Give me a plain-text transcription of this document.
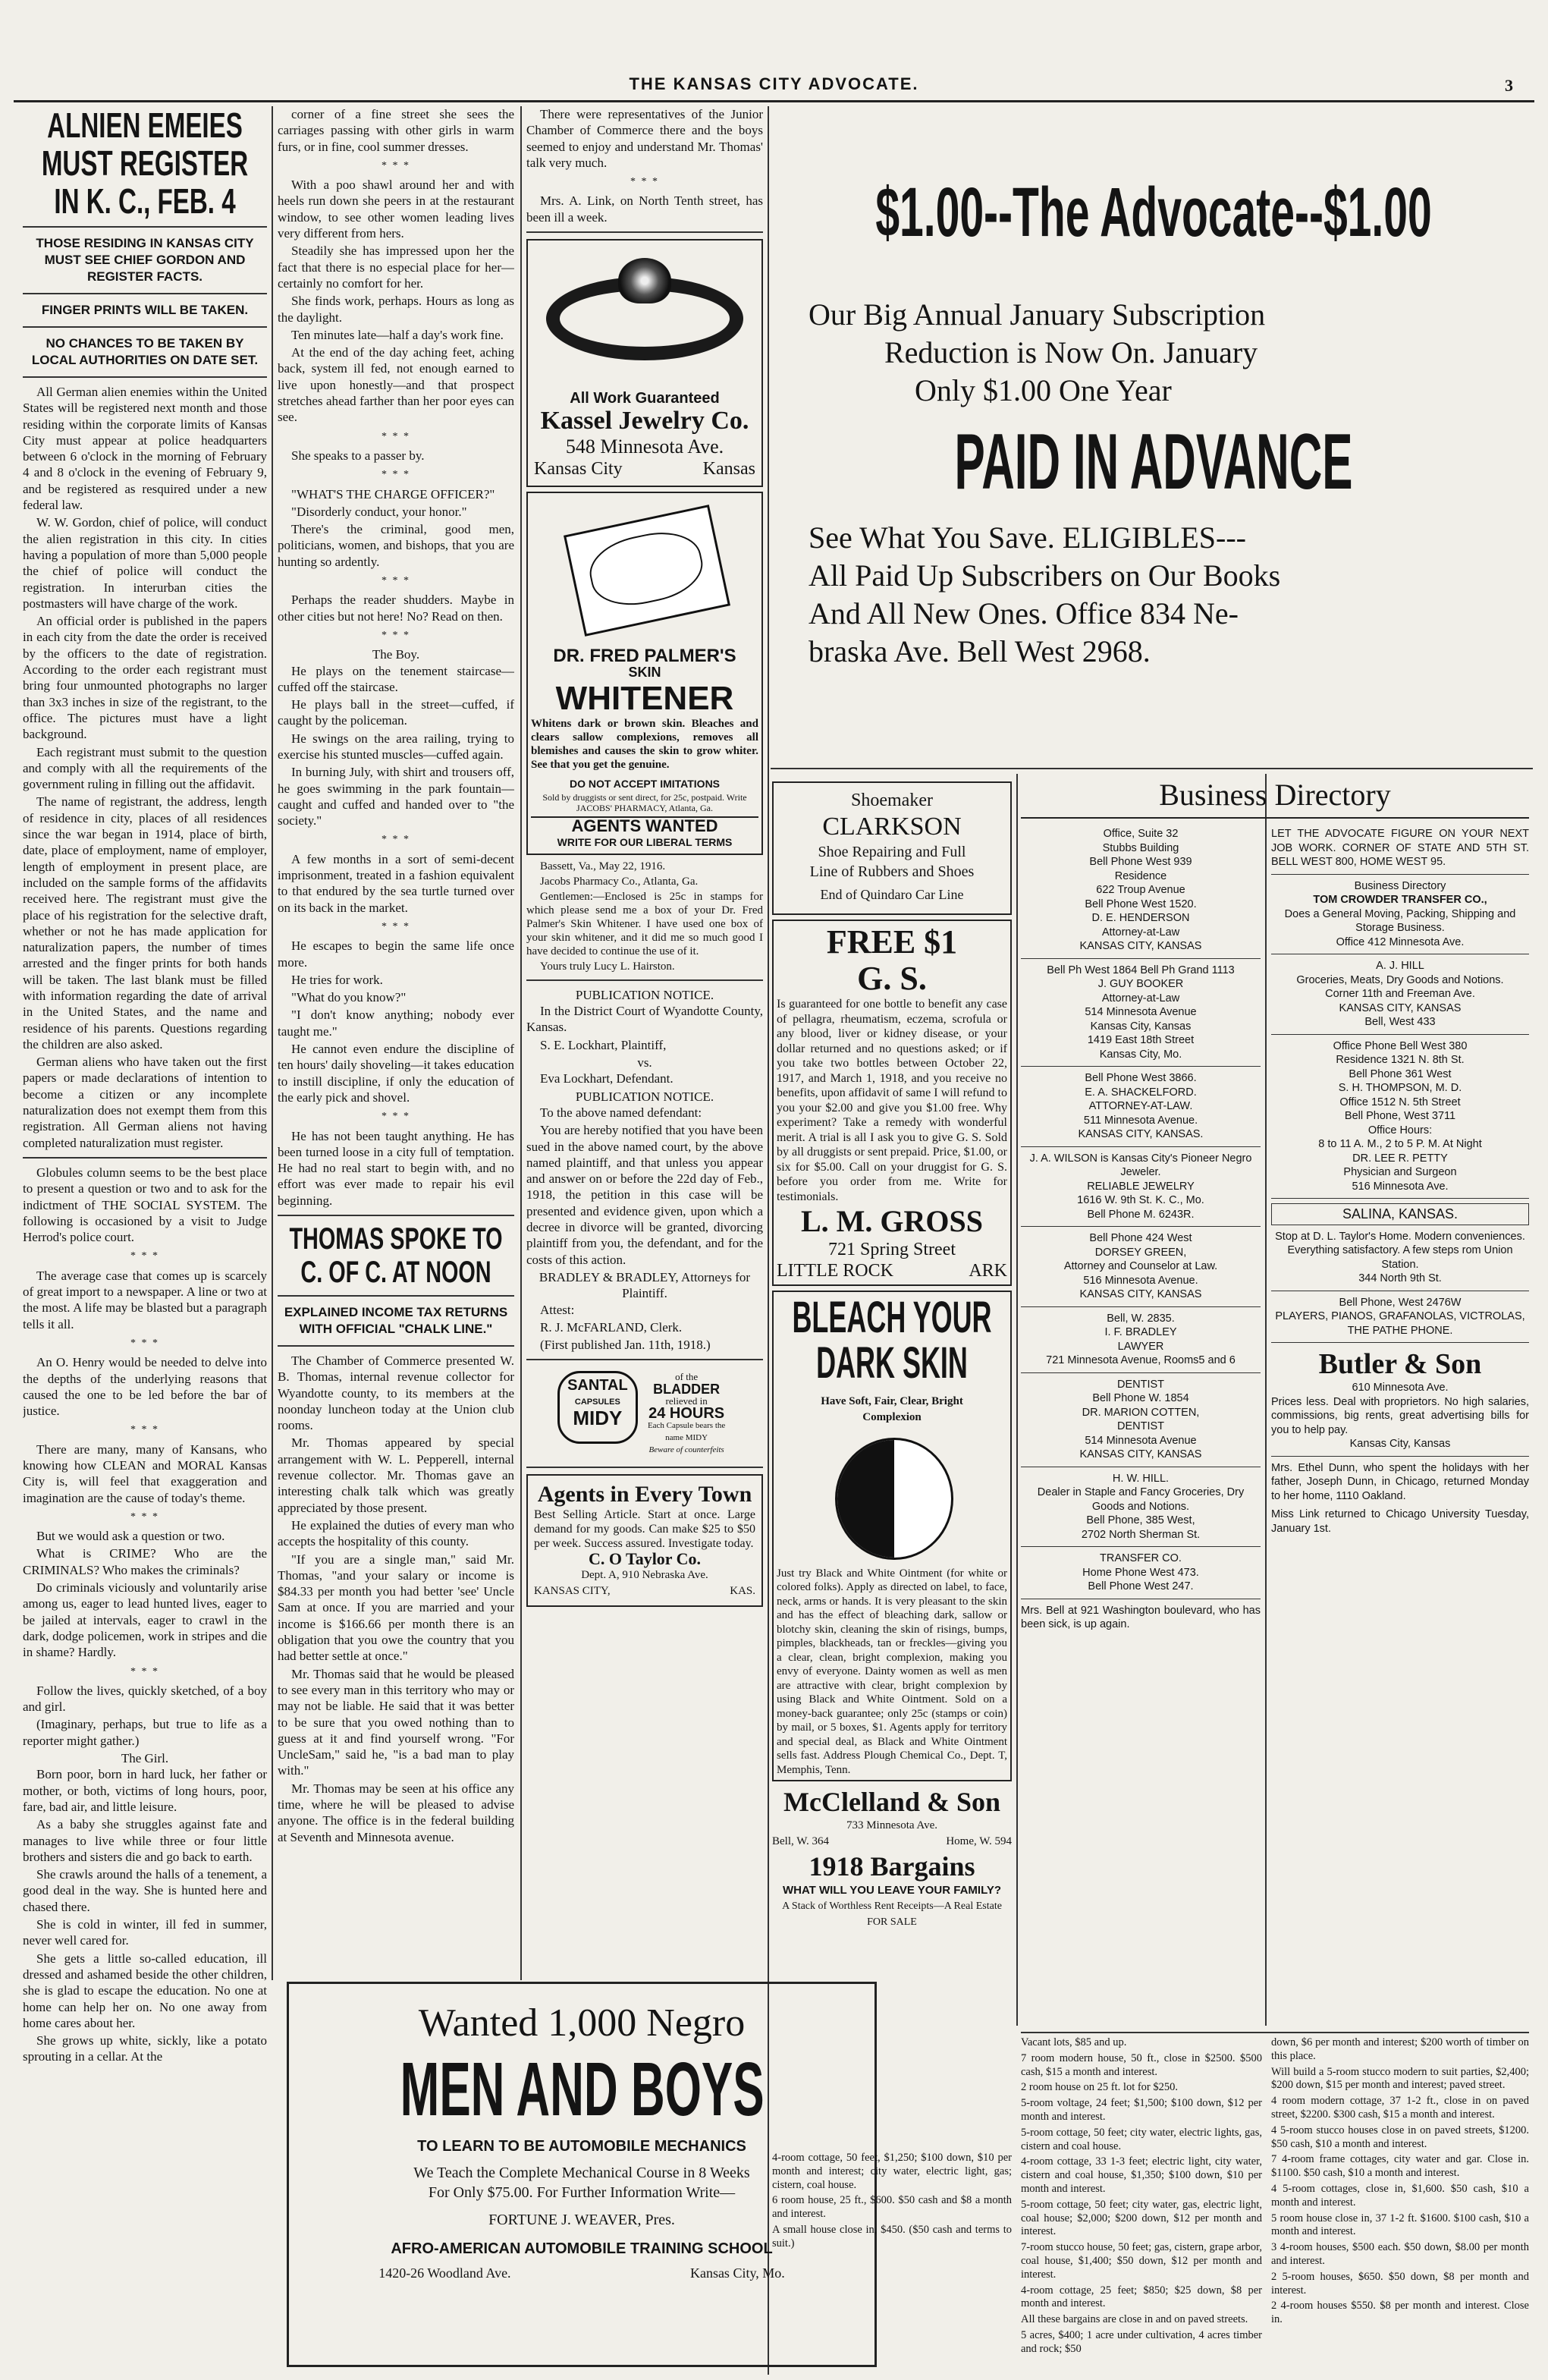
THE KANSAS CITY ADVOCATE.	3
ALNIEN EMEIES MUST REGISTER IN K. C., FEB. 4
THOSE RESIDING IN KANSAS CITY MUST SEE CHIEF GORDON AND REGISTER FACTS.
FINGER PRINTS WILL BE TAKEN.
NO CHANCES TO BE TAKEN BY LOCAL AUTHORITIES ON DATE SET.

All German alien enemies within the United States will be registered next month and those residing within the corporate limits of Kansas City must appear at police headquarters between 6 o'clock in the morning of February 4 and 8 o'clock in the evening of February 9, and be registered as resquired under a new federal law.

W. W. Gordon, chief of police, will conduct the alien registration in this city. In cities having a population of more than 5,000 people the chief of police will conduct the registration. In interurban cities the postmasters will have charge of the work.

An official order is published in the papers in each city from the date the order is received by the officers to the date of registration. According to the order each registrant must bring four unmounted photographs no larger than 3x3 inches in size of the registrant, to the office. The pictures must have a light background.

Each registrant must submit to the question and comply with all the requirements of the government ruling in filling out the affidavit.

The name of registrant, the address, length of residence in city, places of all residences since the war began in 1914, place of birth, date, place of employment, name of employer, length of employment in present place, are included on the sample forms of the affidavits received here. The registrant must give the place of his registration for the selective draft, whether or not he has made application for naturalization papers, the number of times arrested and the finger prints for both hands will be taken. The last blank must be filled with information regarding the date of arrival in the United States, and the name and residence of his parents. Questions regarding the children are also asked.

German aliens who have taken out the first papers or made declarations of intention to become a citizen or any incomplete naturalization does not exempt them from this registration. All German aliens not having completed naturalization must register.

Globules column seems to be the best place to present a question or two and to ask for the indictment of THE SOCIAL SYSTEM. The following is occasioned by a visit to Judge Herrod's police court.

* * *

The average case that comes up is scarcely of great import to a newspaper. A line or two at the most. A life may be blasted but a paragraph tells it all.

* * *

An O. Henry would be needed to delve into the depths of the underlying reasons that caused the one to be led before the bar of justice.

* * *

There are many, many of Kansans, who knowing how CLEAN and MORAL Kansas City is, will feel that exaggeration and imagination are the cause of today's theme.

* * *

But we would ask a question or two.

What is CRIME? Who are the CRIMINALS? Who makes the criminals?

Do criminals viciously and voluntarily arise among us, eager to lead hunted lives, eager to be jailed at intervals, eager to crawl in the dark, dodge policemen, work in stripes and die in shame? Hardly.

* * *

Follow the lives, quickly sketched, of a boy and girl.

(Imaginary, perhaps, but true to life as a reporter might gather.)

The Girl.

Born poor, born in hard luck, her father or mother, or both, victims of long hours, poor, fare, bad air, and little leisure.

As a baby she struggles against fate and manages to live while three or four little brothers and sisters die and go back to earth.

She crawls around the halls of a tenement, a good deal in the way. She is hunted here and chased there.

She is cold in winter, ill fed in summer, never well cared for.

She gets a little so-called education, ill dressed and ashamed beside the other children, she is glad to escape the education. No one at home can help her on. No one away from home cares about her.

She grows up white, sickly, like a potato sprouting in a cellar. At the

corner of a fine street she sees the carriages passing with other girls in warm furs, or in fine, cool summer dresses.

* * *

With a poo shawl around her and with heels run down she peers in at the restaurant window, to see other women leading lives very different from hers.

Steadily she has impressed upon her the fact that there is no especial place for her—certainly no comfort for her.

She finds work, perhaps. Hours as long as the daylight.

Ten minutes late—half a day's work fine.

At the end of the day aching feet, aching back, system ill fed, not enough earned to live upon honestly—and that prospect stretches ahead farther than her poor eyes can see.

* * *

She speaks to a passer by.

* * *

"WHAT'S THE CHARGE OFFICER?"

"Disorderly conduct, your honor."

There's the criminal, good men, politicians, women, and bishops, that you are hunting so ardently.

* * *

Perhaps the reader shudders. Maybe in other cities but not here! No? Read on then.

* * *
The Boy.

He plays on the tenement staircase—cuffed off the staircase.

He plays ball in the street—cuffed, if caught by the policeman.

He swings on the area railing, trying to exercise his stunted muscles—cuffed again.

In burning July, with shirt and trousers off, he goes swimming in the park fountain—caught and cuffed and handed over to "the society."

* * *

A few months in a sort of semi-decent imprisonment, treated in a fashion equivalent to that endured by the sea turtle turned over on its back in the market.

* * *

He escapes to begin the same life once more.

He tries for work.

"What do you know?"

"I don't know anything; nobody ever taught me."

He cannot even endure the discipline of ten hours' daily shoveling—it takes education to instill discipline, if only the education of the early pick and shovel.

* * *

He has not been taught anything. He has been turned loose in a city full of temptation. He had no real start to begin with, and no effort was ever made to repair his evil beginning.

THOMAS SPOKE TO C. OF C. AT NOON
EXPLAINED INCOME TAX RETURNS WITH OFFICIAL "CHALK LINE."

The Chamber of Commerce presented W. B. Thomas, internal revenue collector for Wyandotte county, to its members at the noonday luncheon today at the Union club rooms.

Mr. Thomas appeared by special arrangement with W. L. Pepperell, internal revenue collector. Mr. Thomas gave an interesting chalk talk which was greatly appreciated by those present.

He explained the duties of every man who accepts the hospitality of this county.

"If you are a single man," said Mr. Thomas, "and your salary or income is $84.33 per month you had better 'see' Uncle Sam at once. If you are married and your income is $166.66 per month there is an obligation that you owe the country that you had better settle at once."

Mr. Thomas said that he would be pleased to see every man in this territory who may or may not be liable. He said that it was better to be sure that you owed nothing than to guess at it and find yourself wrong. "For UncleSam," said he, "is a bad man to play with."

Mr. Thomas may be seen at his office any time, where he will be pleased to advise anyone. The office is in the federal building at Seventh and Minnesota avenue.

There were representatives of the Junior Chamber of Commerce there and the boys seemed to enjoy and understand Mr. Thomas' talk very much.

* * *

Mrs. A. Link, on North Tenth street, has been ill a week.

All Work Guaranteed
Kassel Jewelry Co.
548 Minnesota Ave.
Kansas City	Kansas
DR. FRED PALMER'S
SKIN
WHITENER
Whitens dark or brown skin. Bleaches and clears sallow complexions, removes all blemishes and causes the skin to grow whiter. See that you get the genuine.
DO NOT ACCEPT IMITATIONS
Sold by druggists or sent direct, for 25c, postpaid. Write JACOBS' PHARMACY, Atlanta, Ga.
AGENTS WANTED
WRITE FOR OUR LIBERAL TERMS

Bassett, Va., May 22, 1916.

Jacobs Pharmacy Co., Atlanta, Ga.

Gentlemen:—Enclosed is 25c in stamps for which please send me a box of your Dr. Fred Palmer's Skin Whitener. I have used one box of your skin whitener, and it did me so much good I have decided to continue the use of it.

Yours truly Lucy L. Hairston.

PUBLICATION NOTICE.

In the District Court of Wyandotte County, Kansas.

S. E. Lockhart, Plaintiff,

vs.

Eva Lockhart, Defendant.

PUBLICATION NOTICE.

To the above named defendant:

You are hereby notified that you have been sued in the above named court, by the above named plaintiff, and that unless you appear and answer on or before the 22d day of Feb., 1918, the petition in this case will be presented and evidence given, upon which a decree in divorce will be granted, divorcing plaintiff from you, the defendant, and for the costs of this action.

BRADLEY & BRADLEY, Attorneys for Plaintiff.

Attest:

R. J. McFARLAND, Clerk.

(First published Jan. 11th, 1918.)

SANTAL
CAPSULES
MIDY

of the
BLADDER
relieved in
24 HOURS
Each Capsule bears the name MIDY
Beware of counterfeits
Agents in Every Town
Best Selling Article. Start at once. Large demand for my goods. Can make $25 to $50 per week. Success assured. Investigate today.
C. O Taylor Co.
Dept. A, 910 Nebraska Ave.
KANSAS CITY,	KAS.
Wanted 1,000 Negro
MEN AND BOYS
TO LEARN TO BE AUTOMOBILE MECHANICS
We Teach the Complete Mechanical Course in 8 Weeks
For Only $75.00. For Further Information Write—
FORTUNE J. WEAVER, Pres.
AFRO-AMERICAN AUTOMOBILE TRAINING SCHOOL
1420-26 Woodland Ave.	Kansas City, Mo.
$1.00--The Advocate--$1.00
Our Big Annual January Subscription
Reduction is Now On. January
Only $1.00 One Year
PAID IN ADVANCE
See What You Save. ELIGIBLES---
All Paid Up Subscribers on Our Books
And All New Ones. Office 834 Ne-
braska Ave. Bell West 2968.
Shoemaker
CLARKSON
Shoe Repairing and Full
Line of Rubbers and Shoes
End of Quindaro Car Line
FREE $1
G. S.
Is guaranteed for one bottle to benefit any case of pellagra, rheumatism, eczema, scrofula or any blood, liver or kidney disease, or your dollar returned and no questions asked; or if you take two bottles between October 22, 1917, and March 1, 1918, and you receive no benefits, upon affidavit of same I will refund to you your $2.00 and give you $1.00 free. Why experiment? Take a remedy with wonderful merit. A trial is all I ask you to give G. S. Sold by all druggists or sent prepaid. Price, $1.00, or six for $5.00. Call on your druggist for G. S. before you order from me. Write for testimonials.
L. M. GROSS
721 Spring Street
LITTLE ROCK	ARK
BLEACH YOUR
DARK SKIN
Have Soft, Fair, Clear, Bright
Complexion
Just try Black and White Ointment (for white or colored folks). Apply as directed on label, to face, neck, arms or hands. It is very pleasant to the skin and has the effect of bleaching dark, sallow or blotchy skin, cleaning the skin of risings, bumps, pimples, blackheads, tan or freckles—giving you a clear, clean, bright complexion, making you envy of everyone. Dainty women as well as men are attractive with clear, bright complexion by using Black and White Ointment. Sold on a money-back guarantee; only 25c (stamps or coin) by mail, or 5 boxes, $1. Agents apply for territory and special deal, as Black and White Ointment sells fast. Address Plough Chemical Co., Dept. T, Memphis, Tenn.
McClelland & Son
733 Minnesota Ave.
Bell, W. 364	Home, W. 594
1918 Bargains
WHAT WILL YOU LEAVE YOUR FAMILY?
A Stack of Worthless Rent Receipts—A Real Estate
FOR SALE
Business Directory
Office, Suite 32
Stubbs Building
Bell Phone West 939
Residence
622 Troup Avenue
Bell Phone West 1520.
D. E. HENDERSON
Attorney-at-Law
KANSAS CITY, KANSAS
Bell Ph West 1864 Bell Ph Grand 1113
J. GUY BOOKER
Attorney-at-Law
514 Minnesota Avenue
Kansas City, Kansas
1419 East 18th Street
Kansas City, Mo.
Bell Phone West 3866.
E. A. SHACKELFORD.
ATTORNEY-AT-LAW.
511 Minnesota Avenue.
KANSAS CITY, KANSAS.
J. A. WILSON is Kansas City's Pioneer Negro Jeweler.
RELIABLE JEWELRY
1616 W. 9th St. K. C., Mo.
Bell Phone M. 6243R.
Bell Phone 424 West
DORSEY GREEN,
Attorney and Counselor at Law.
516 Minnesota Avenue.
KANSAS CITY, KANSAS
Bell, W. 2835.
I. F. BRADLEY
LAWYER
721 Minnesota Avenue, Rooms5 and 6
DENTIST
Bell Phone W. 1854
DR. MARION COTTEN,
DENTIST
514 Minnesota Avenue
KANSAS CITY, KANSAS
H. W. HILL.
Dealer in Staple and Fancy Groceries, Dry Goods and Notions.
Bell Phone, 385 West,
2702 North Sherman St.
TRANSFER CO.
Home Phone West 473.
Bell Phone West 247.
Mrs. Bell at 921 Washington boulevard, who has been sick, is up again.
LET THE ADVOCATE FIGURE ON YOUR NEXT JOB WORK. CORNER OF STATE AND 5TH ST. BELL WEST 800, HOME WEST 95.
Business Directory
TOM CROWDER TRANSFER CO.,
Does a General Moving, Packing, Shipping and Storage Business.
Office 412 Minnesota Ave.
A. J. HILL
Groceries, Meats, Dry Goods and Notions.
Corner 11th and Freeman Ave.
KANSAS CITY, KANSAS
Bell, West 433
Office Phone Bell West 380
Residence 1321 N. 8th St.
Bell Phone 361 West
S. H. THOMPSON, M. D.
Office 1512 N. 5th Street
Bell Phone, West 3711
Office Hours:
8 to 11 A. M., 2 to 5 P. M. At Night
DR. LEE R. PETTY
Physician and Surgeon
516 Minnesota Ave.
SALINA, KANSAS.
Stop at D. L. Taylor's Home. Modern conveniences. Everything satisfactory. A few steps rom Union Station.
344 North 9th St.
Bell Phone, West 2476W
PLAYERS, PIANOS, GRAFANOLAS, VICTROLAS, THE PATHE PHONE.
Butler & Son
610 Minnesota Ave.
Prices less. Deal with proprietors. No high salaries, commissions, big rents, great advertising bills for you to help pay.
Kansas City, Kansas
Mrs. Ethel Dunn, who spent the holidays with her father, Joseph Dunn, in Chicago, returned Monday to her home, 1110 Oakland.
Miss Link returned to Chicago University Tuesday, January 1st.

Vacant lots, $85 and up.

7 room modern house, 50 ft., close in $2500. $500 cash, $15 a month and interest.

2 room house on 25 ft. lot for $250.

5-room voltage, 24 feet; $1,500; $100 down, $12 per month and interest.

5-room cottage, 50 feet; city water, electric lights, gas, cistern and coal house.

4-room cottage, 33 1-3 feet; electric light, city water, cistern and coal house, $1,350; $100 down, $10 per month and interest.

5-room cottage, 50 feet; city water, gas, electric light, coal house; $2,000; $200 down, $12 per month and interest.

7-room stucco house, 50 feet; gas, cistern, grape arbor, coal house, $1,400; $50 down, $12 per month and interest.

4-room cottage, 25 feet; $850; $25 down, $8 per month and interest.

All these bargains are close in and on paved streets.

5 acres, $400; 1 acre under cultivation, 4 acres timber and rock; $50

4-room cottage, 50 feet, $1,250; $100 down, $10 per month and interest; city water, electric light, gas; cistern, coal house.

6 room house, 25 ft., $600. $50 cash and $8 a month and interest.

A small house close in, $450. ($50 cash and terms to suit.)

down, $6 per month and interest; $200 worth of timber on this place.

Will build a 5-room stucco modern to suit parties, $2,400; $200 down, $15 per month and interest; paved street.

4 room modern cottage, 37 1-2 ft., close in on paved street, $2200. $300 cash, $15 a month and interest.

4 5-room stucco houses close in on paved streets, $1200. $50 cash, $10 a month and interest.

7 4-room frame cottages, city water and gar. Close in. $1100. $50 cash, $10 a month and interest.

4 5-room cottages, close in, $1,600. $50 cash, $10 a month and interest.

5 room house close in, 37 1-2 ft. $1600. $100 cash, $10 a month and interest.

3 4-room houses, $500 each. $50 down, $8.00 per month and interest.

2 5-room houses, $650. $50 down, $8 per month and interest.

2 4-room houses $550. $8 per month and interest. Close in.
